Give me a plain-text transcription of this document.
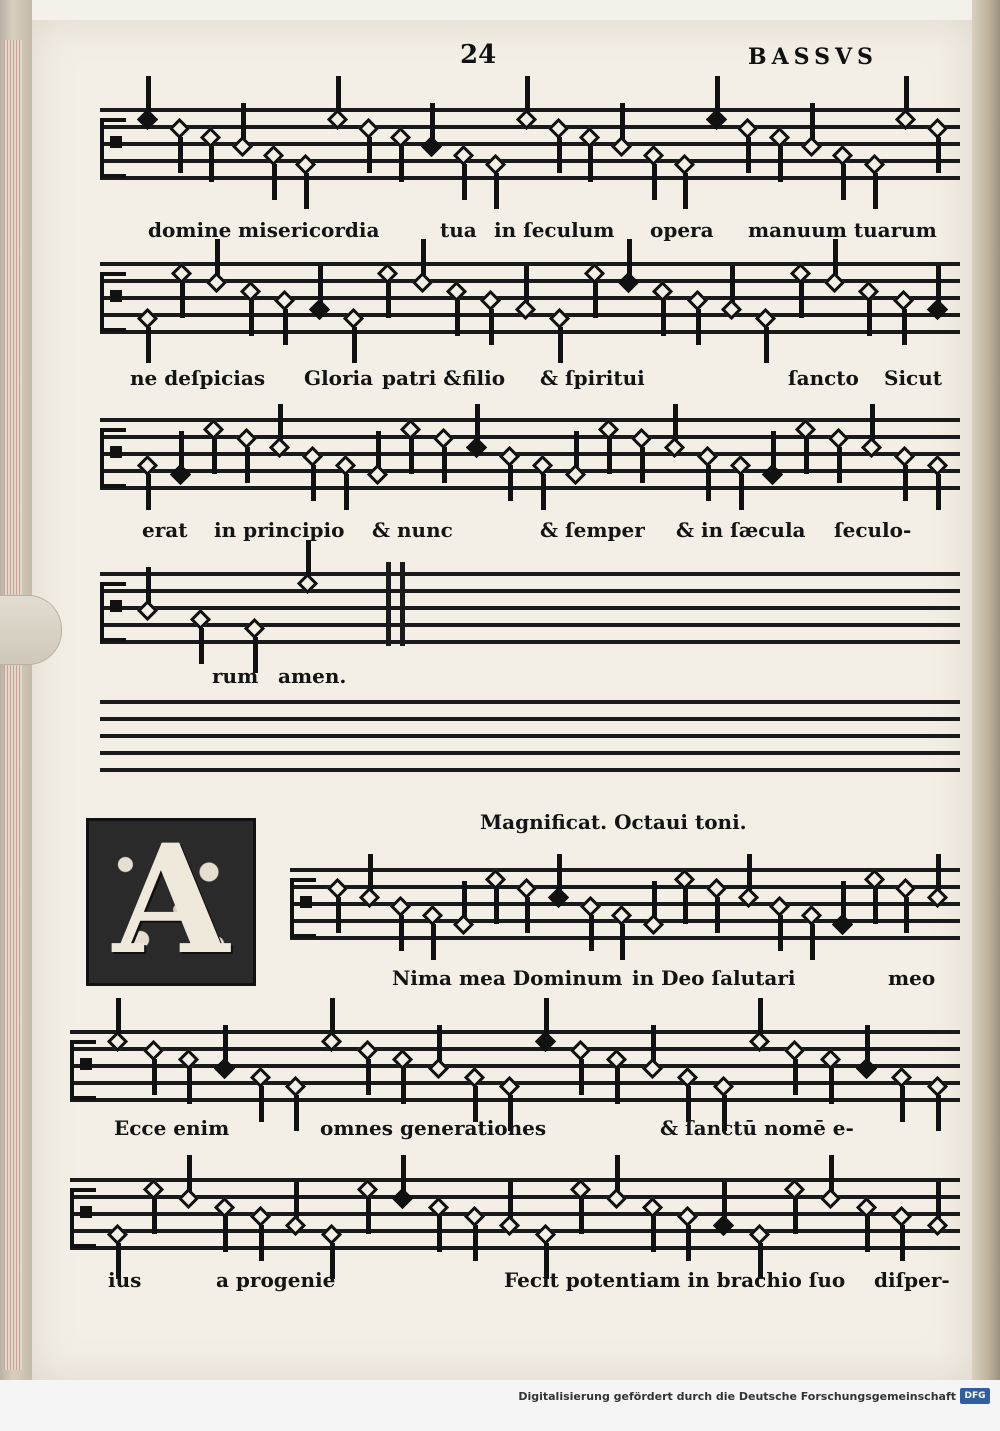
24	BASSVS
domine misericordia	tua in ſeculum opera manuum tuarum
ne deſpicias Gloria patri & filio & ſpiritui	ſancto Sicut
erat in principio & nunc	& ſemper & in ſæcula ſeculo-
rum amen.
Magnificat. Octaui toni.
A	Nima mea Dominum in Deo ſalutari	meo
Ecce enim	omnes generationes	& ſanctū nomē e-
ius	a progenie	Fecit potentiam in brachio ſuo diſper-
Digitalisierung gefördert durch die Deutsche Forschungsgemeinschaft DFG
